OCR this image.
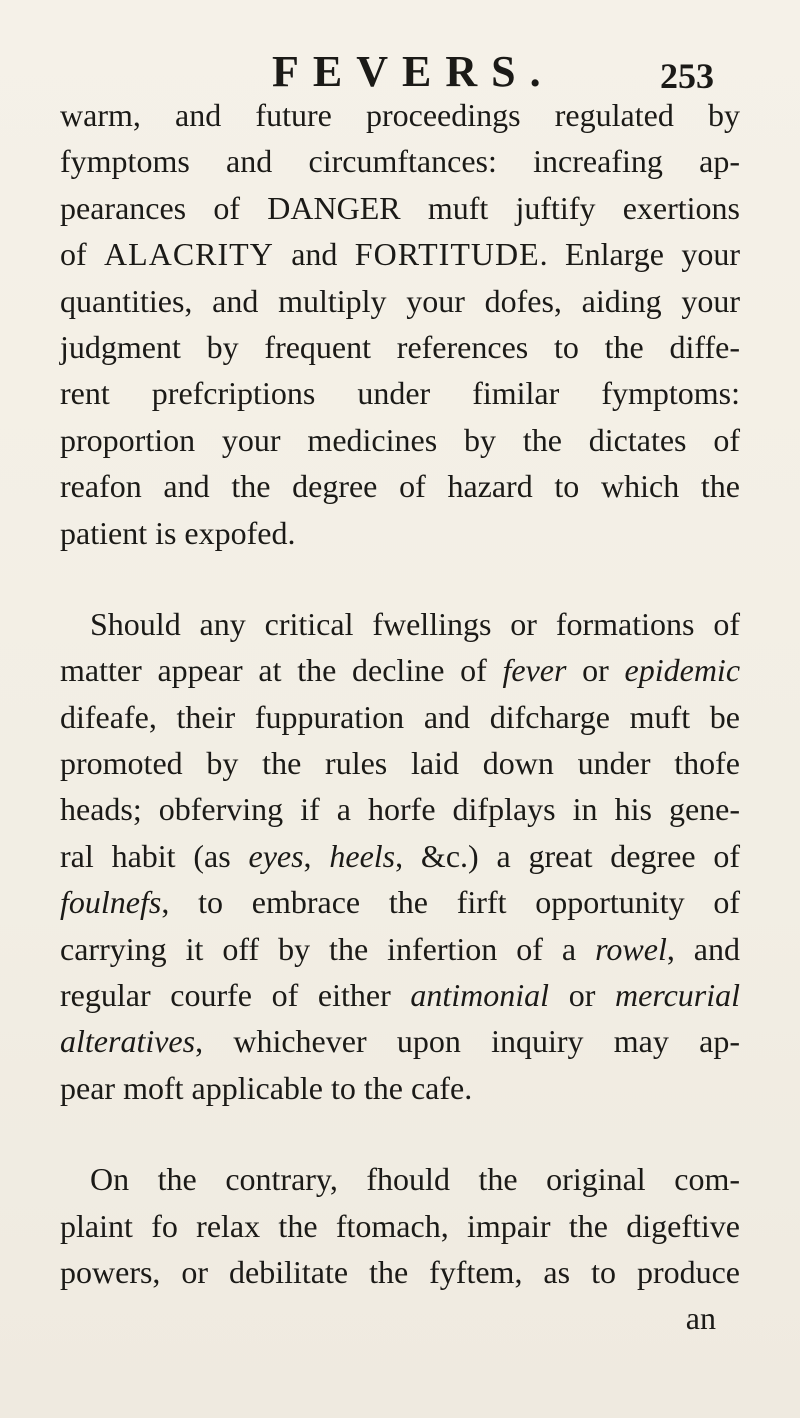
FEVERS.	253
warm, and future proceedings regulated by
fymptoms and circumftances: increafing ap-
pearances of DANGER muft juftify exertions
of ALACRITY and FORTITUDE. Enlarge your
quantities, and multiply your dofes, aiding your
judgment by frequent references to the diffe-
rent prefcriptions under fimilar fymptoms:
proportion your medicines by the dictates of
reafon and the degree of hazard to which the
patient is expofed.
Should any critical fwellings or formations of
matter appear at the decline of fever or epidemic
difeafe, their fuppuration and difcharge muft be
promoted by the rules laid down under thofe
heads; obferving if a horfe difplays in his gene-
ral habit (as eyes, heels, &c.) a great degree of
foulnefs, to embrace the firft opportunity of
carrying it off by the infertion of a rowel, and
regular courfe of either antimonial or mercurial
alteratives, whichever upon inquiry may ap-
pear moft applicable to the cafe.
On the contrary, fhould the original com-
plaint fo relax the ftomach, impair the digeftive
powers, or debilitate the fyftem, as to produce
an
